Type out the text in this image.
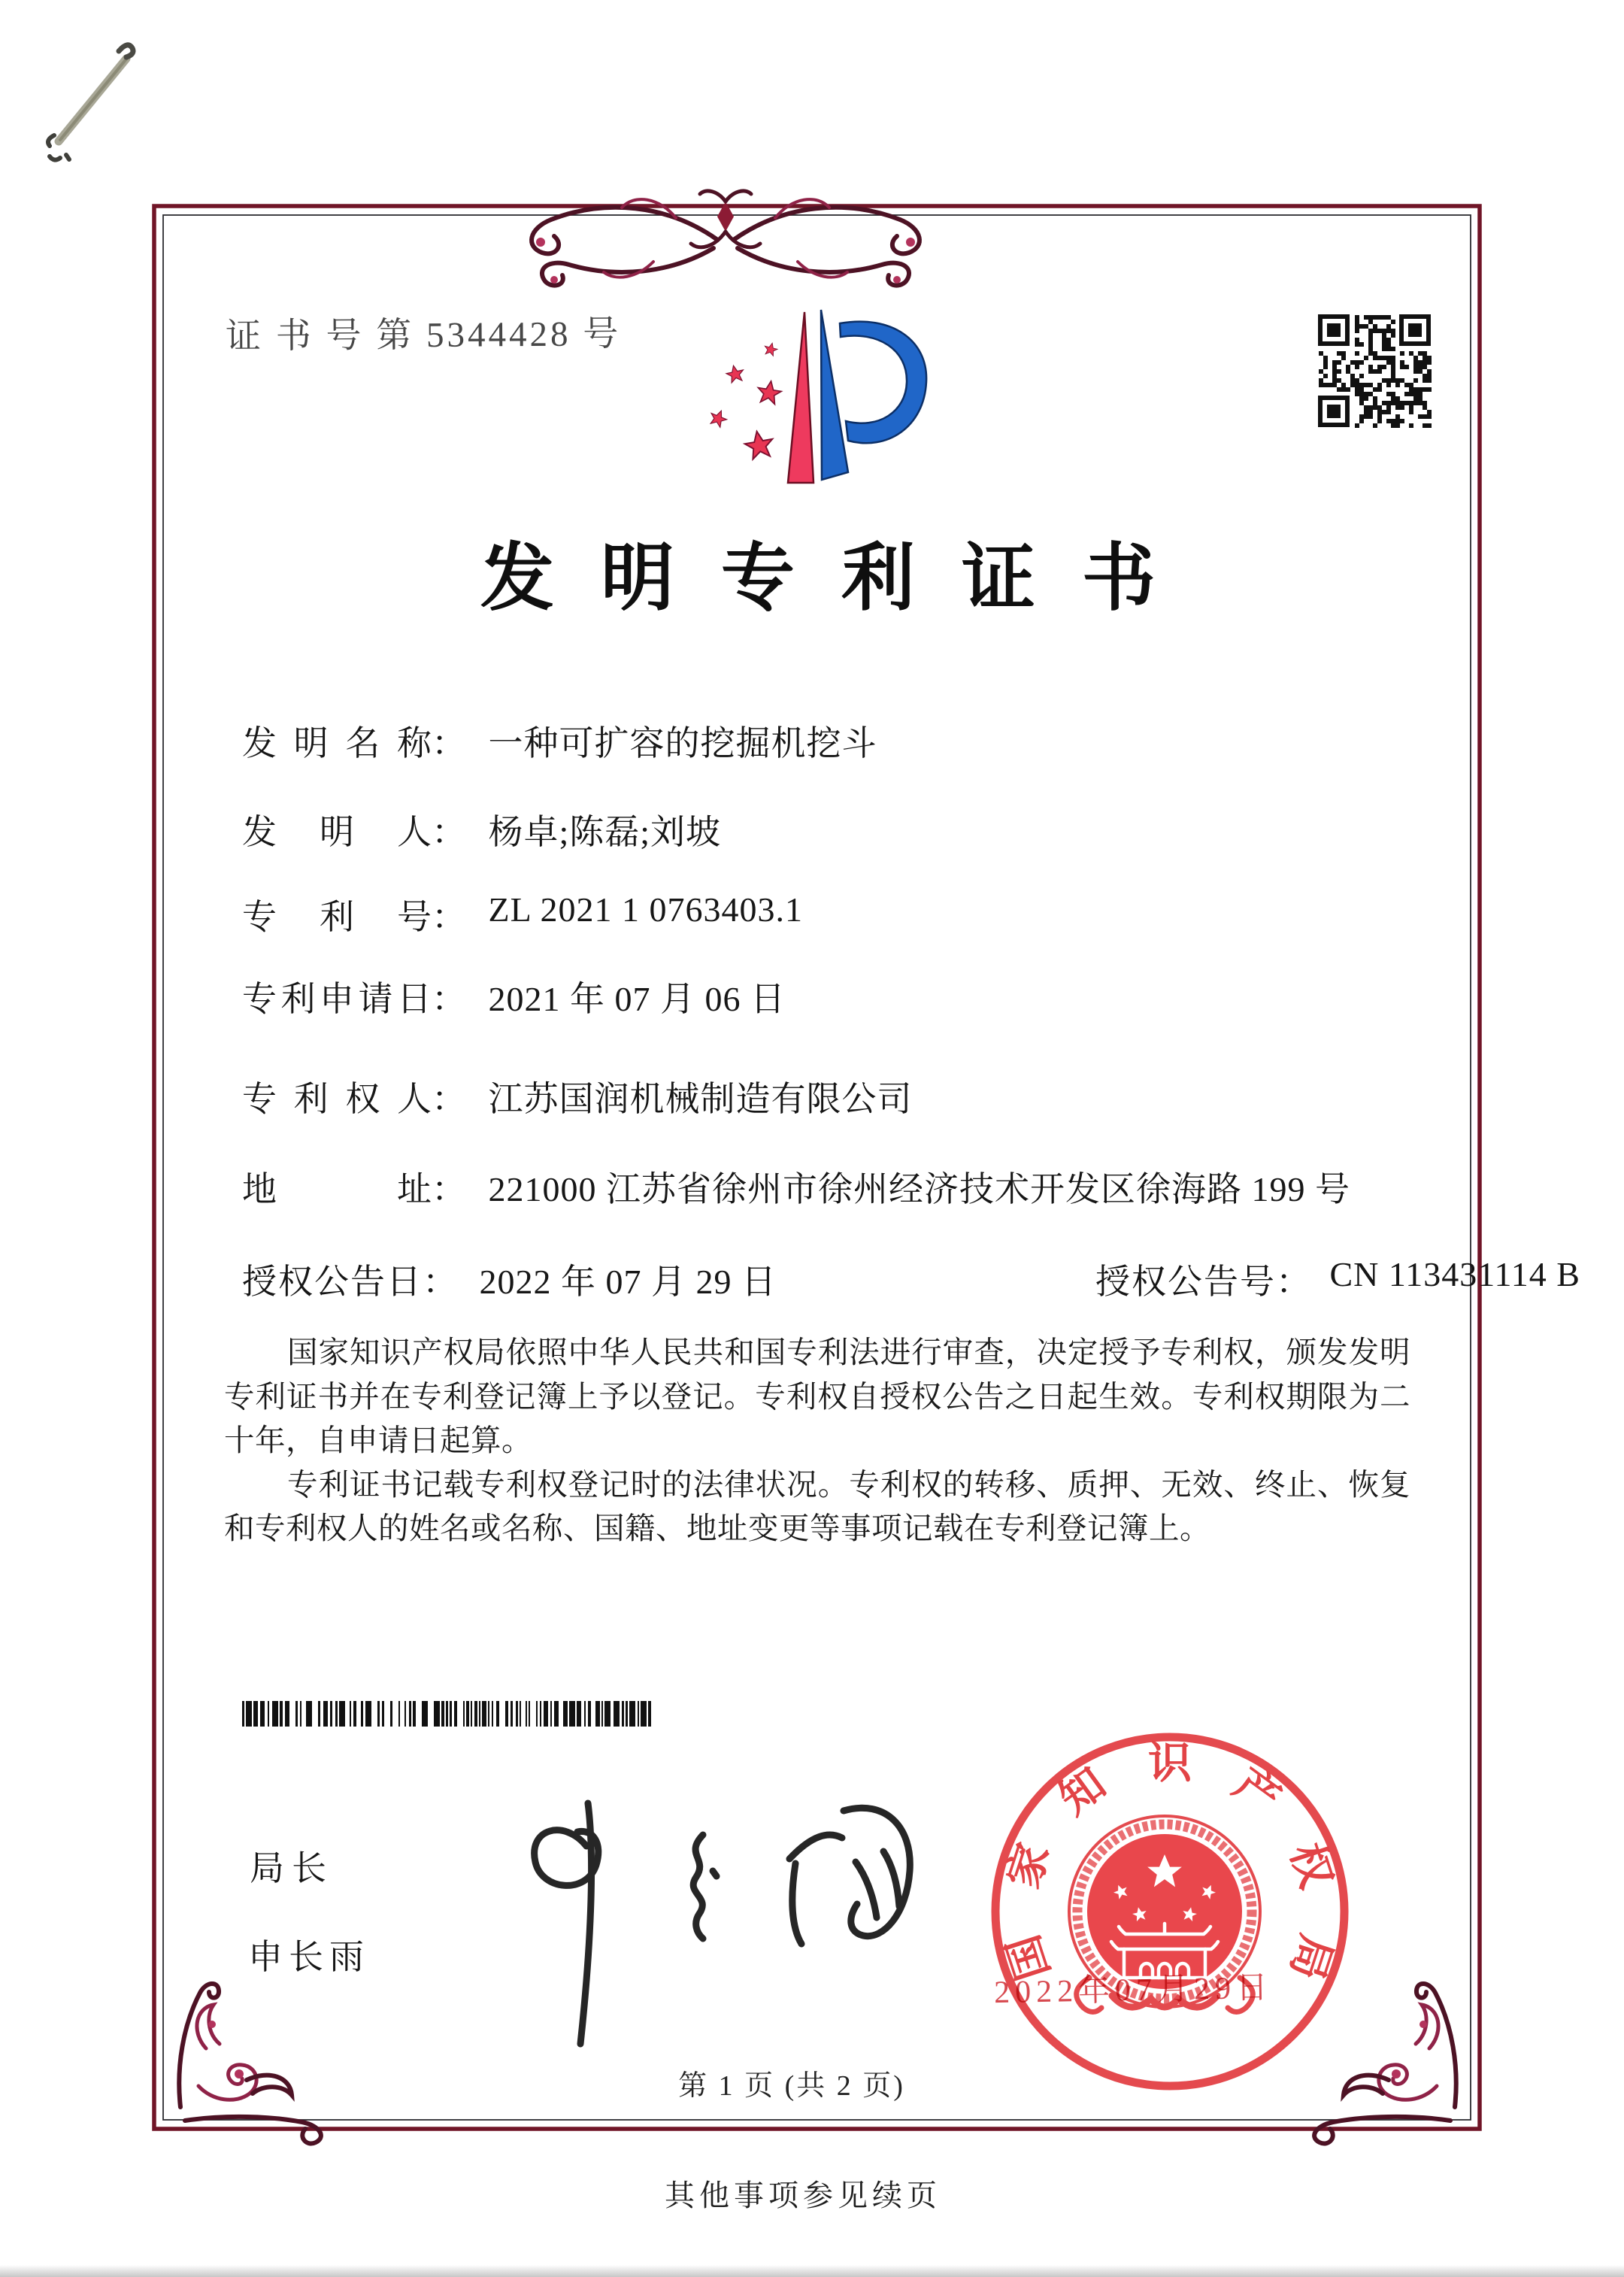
证 书 号 第 5344428 号
发明专利证书
发明名称： 一种可扩容的挖掘机挖斗
发明人： 杨卓;陈磊;刘坡
专利号： ZL 2021 1 0763403.1
专利申请日： 2021 年 07 月 06 日
专利权人： 江苏国润机械制造有限公司
地址： 221000 江苏省徐州市徐州经济技术开发区徐海路 199 号
授权公告日： 2022 年 07 月 29 日	授权公告号： CN 113431114 B

国家知识产权局依照中华人民共和国专利法进行审查，决定授予专利权，颁发发明专利证书并在专利登记簿上予以登记。专利权自授权公告之日起生效。专利权期限为二十年，自申请日起算。

专利证书记载专利权登记时的法律状况。专利权的转移、质押、无效、终止、恢复和专利权人的姓名或名称、国籍、地址变更等事项记载在专利登记簿上。

局长
申长雨	国
家
知 识 产
权
局
2022年07月29日
第 1 页 (共 2 页)
其他事项参见续页
